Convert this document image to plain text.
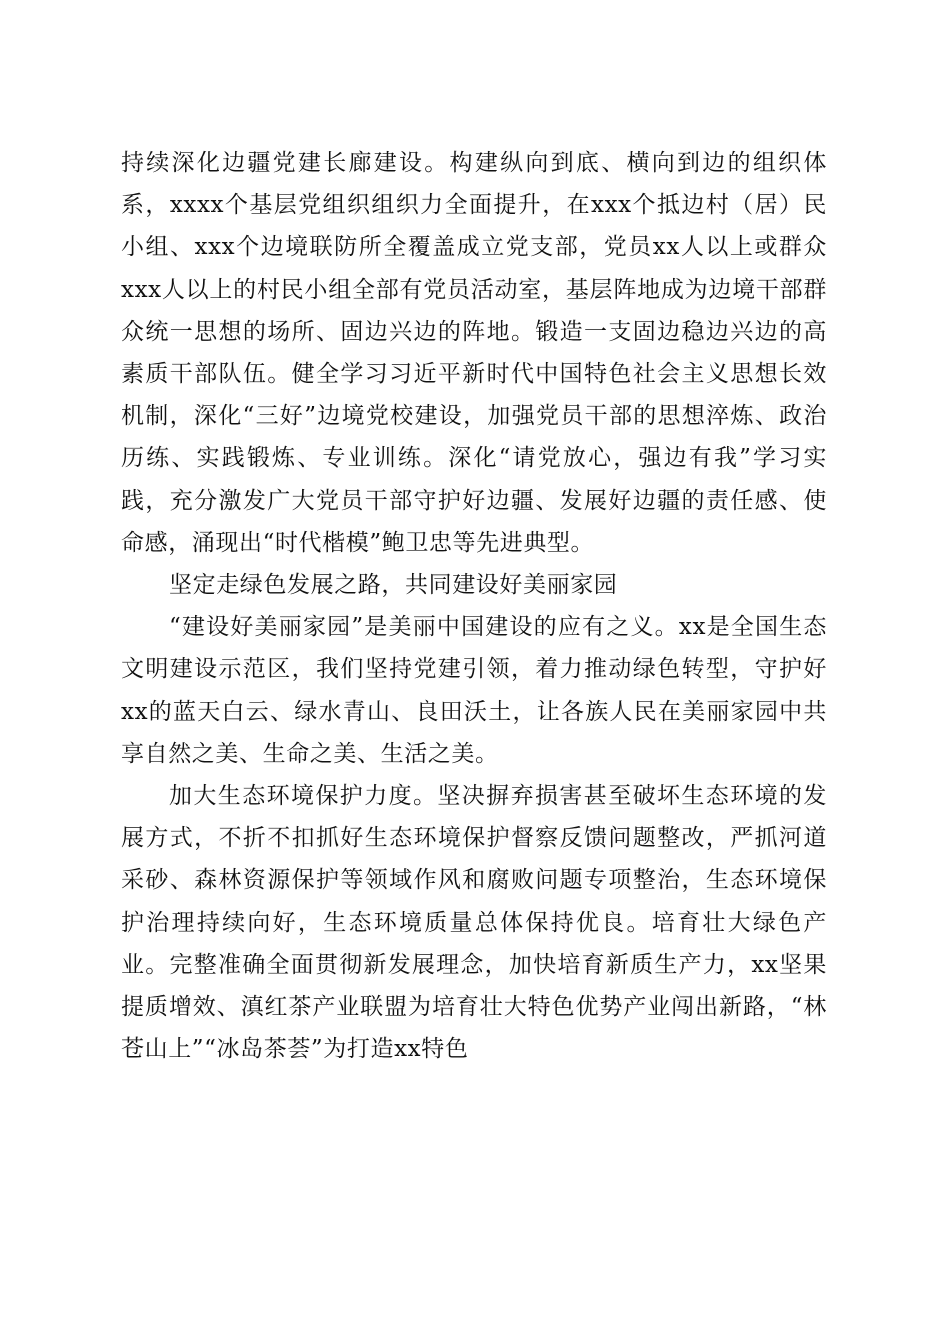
持续深化边疆党建长廊建设。构建纵向到底、横向到边的组织体系，xxxx个基层党组织组织力全面提升，在xxx个抵边村（居）民小组、xxx个边境联防所全覆盖成立党支部，党员xx人以上或群众xxx人以上的村民小组全部有党员活动室，基层阵地成为边境干部群众统一思想的场所、固边兴边的阵地。锻造一支固边稳边兴边的高素质干部队伍。健全学习习近平新时代中国特色社会主义思想长效机制，深化“三好”边境党校建设，加强党员干部的思想淬炼、政治历练、实践锻炼、专业训练。深化“请党放心，强边有我”学习实践，充分激发广大党员干部守护好边疆、发展好边疆的责任感、使命感，涌现出“时代楷模”鲍卫忠等先进典型。

坚定走绿色发展之路，共同建设好美丽家园

“建设好美丽家园”是美丽中国建设的应有之义。xx是全国生态文明建设示范区，我们坚持党建引领，着力推动绿色转型，守护好xx的蓝天白云、绿水青山、良田沃土，让各族人民在美丽家园中共享自然之美、生命之美、生活之美。

加大生态环境保护力度。坚决摒弃损害甚至破坏生态环境的发展方式，不折不扣抓好生态环境保护督察反馈问题整改，严抓河道采砂、森林资源保护等领域作风和腐败问题专项整治，生态环境保护治理持续向好，生态环境质量总体保持优良。培育壮大绿色产业。完整准确全面贯彻新发展理念，加快培育新质生产力，xx坚果提质增效、滇红茶产业联盟为培育壮大特色优势产业闯出新路，“林苍山上”“冰岛茶荟”为打造xx特色
